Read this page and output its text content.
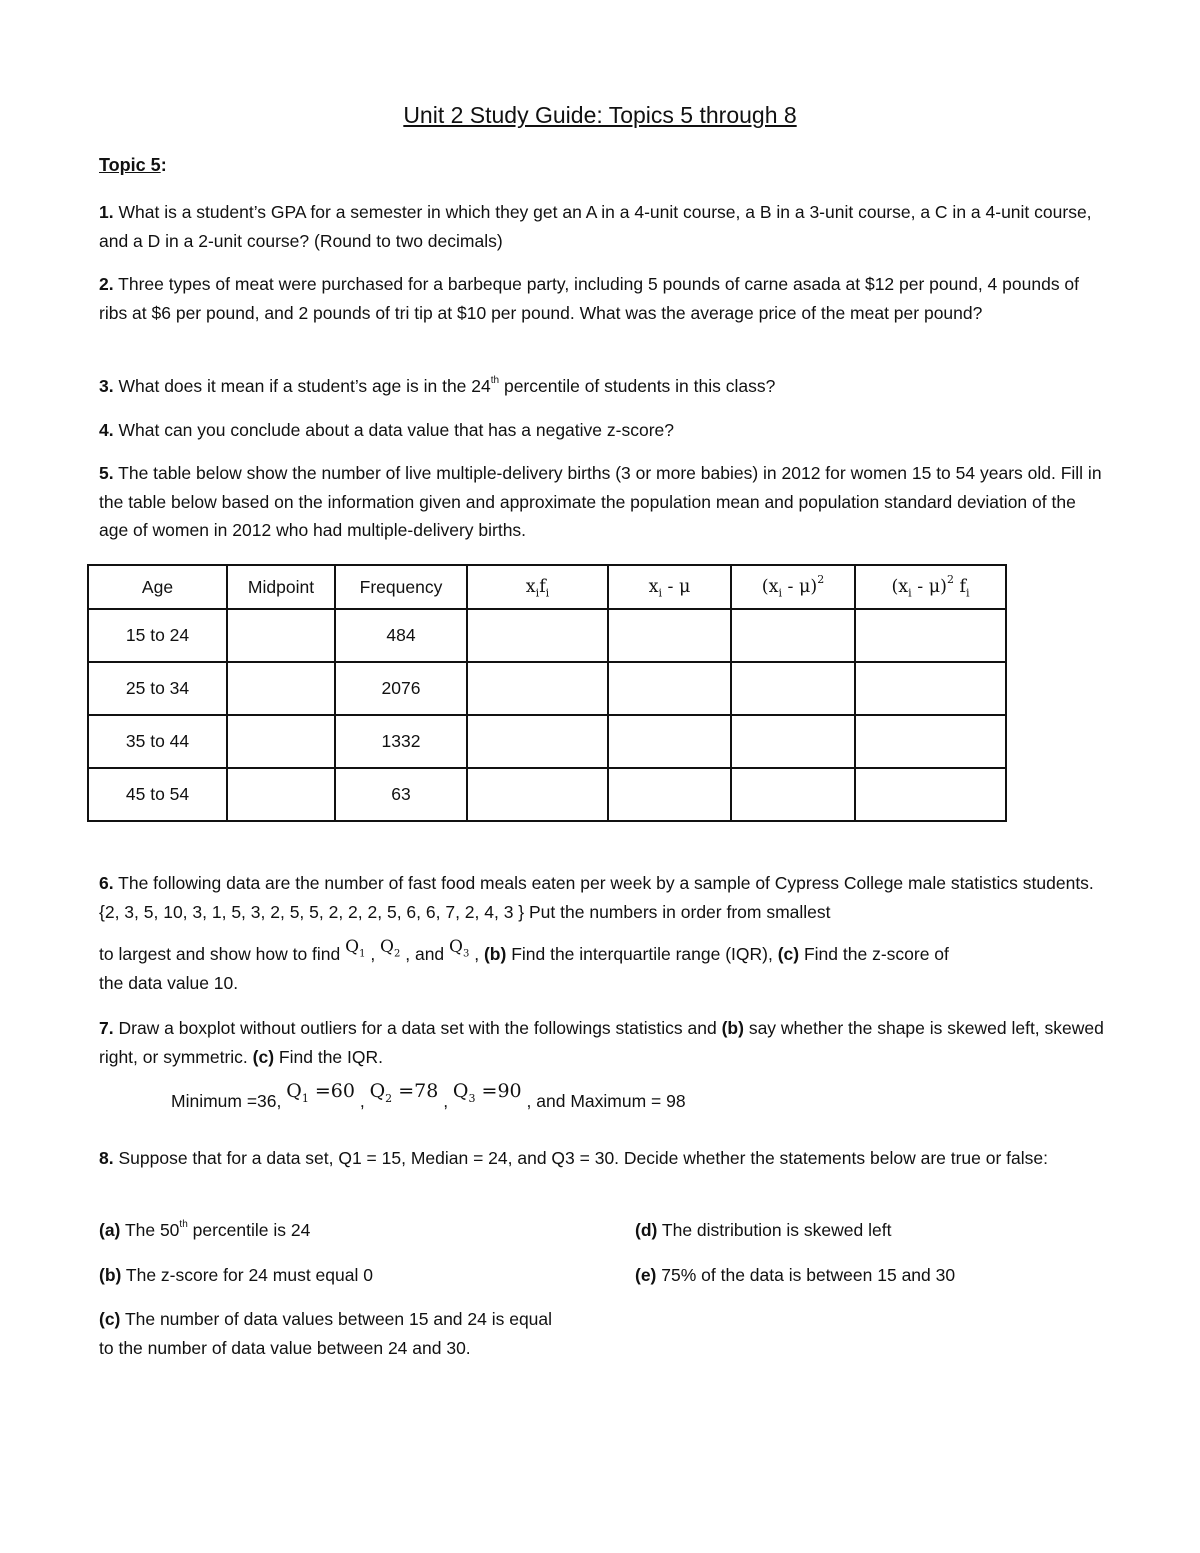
Unit 2 Study Guide: Topics 5 through 8
Topic 5:
1. What is a student’s GPA for a semester in which they get an A in a 4-unit course, a B in a 3-unit course, a C in a 4-unit course, and a D in a 2-unit course? (Round to two decimals)
2. Three types of meat were purchased for a barbeque party, including 5 pounds of carne asada at $12 per pound, 4 pounds of ribs at $6 per pound, and 2 pounds of tri tip at $10 per pound. What was the average price of the meat per pound?
3. What does it mean if a student’s age is in the 24th percentile of students in this class?
4. What can you conclude about a data value that has a negative z-score?
5. The table below show the number of live multiple-delivery births (3 or more babies) in 2012 for women 15 to 54 years old. Fill in the table below based on the information given and approximate the population mean and population standard deviation of the age of women in 2012 who had multiple-delivery births.
Age	Midpoint	Frequency	$x_if_i$	$x_i$ - μ	$(x_i - \mu)^2$	$(x_i - \mu)^2$ $f_i$
15 to 24		484				
25 to 34		2076				
35 to 44		1332				
45 to 54		63				
6. The following data are the number of fast food meals eaten per week by a sample of Cypress College male statistics students. {2, 3, 5, 10, 3, 1, 5, 3, 2, 5, 5, 2, 2, 2, 5, 6, 6, 7, 2, 4, 3 } Put the numbers in order from smallest
to largest and show how to find $Q_1$ , $Q_2$ , and $Q_3$ , (b) Find the interquartile range (IQR), (c) Find the z-score of
the data value 10.
7. Draw a boxplot without outliers for a data set with the followings statistics and (b) say whether the shape is skewed left, skewed right, or symmetric. (c) Find the IQR.
Minimum =36, $Q_1 =60$ , $Q_2 =78$ , $Q_3 =90$ , and Maximum = 98
8. Suppose that for a data set, Q1 = 15, Median = 24, and Q3 = 30. Decide whether the statements below are true or false:
(a) The 50th percentile is 24	(d) The distribution is skewed left
(b) The z-score for 24 must equal 0	(e) 75% of the data is between 15 and 30
(c) The number of data values between 15 and 24 is equal to the number of data value between 24 and 30.
